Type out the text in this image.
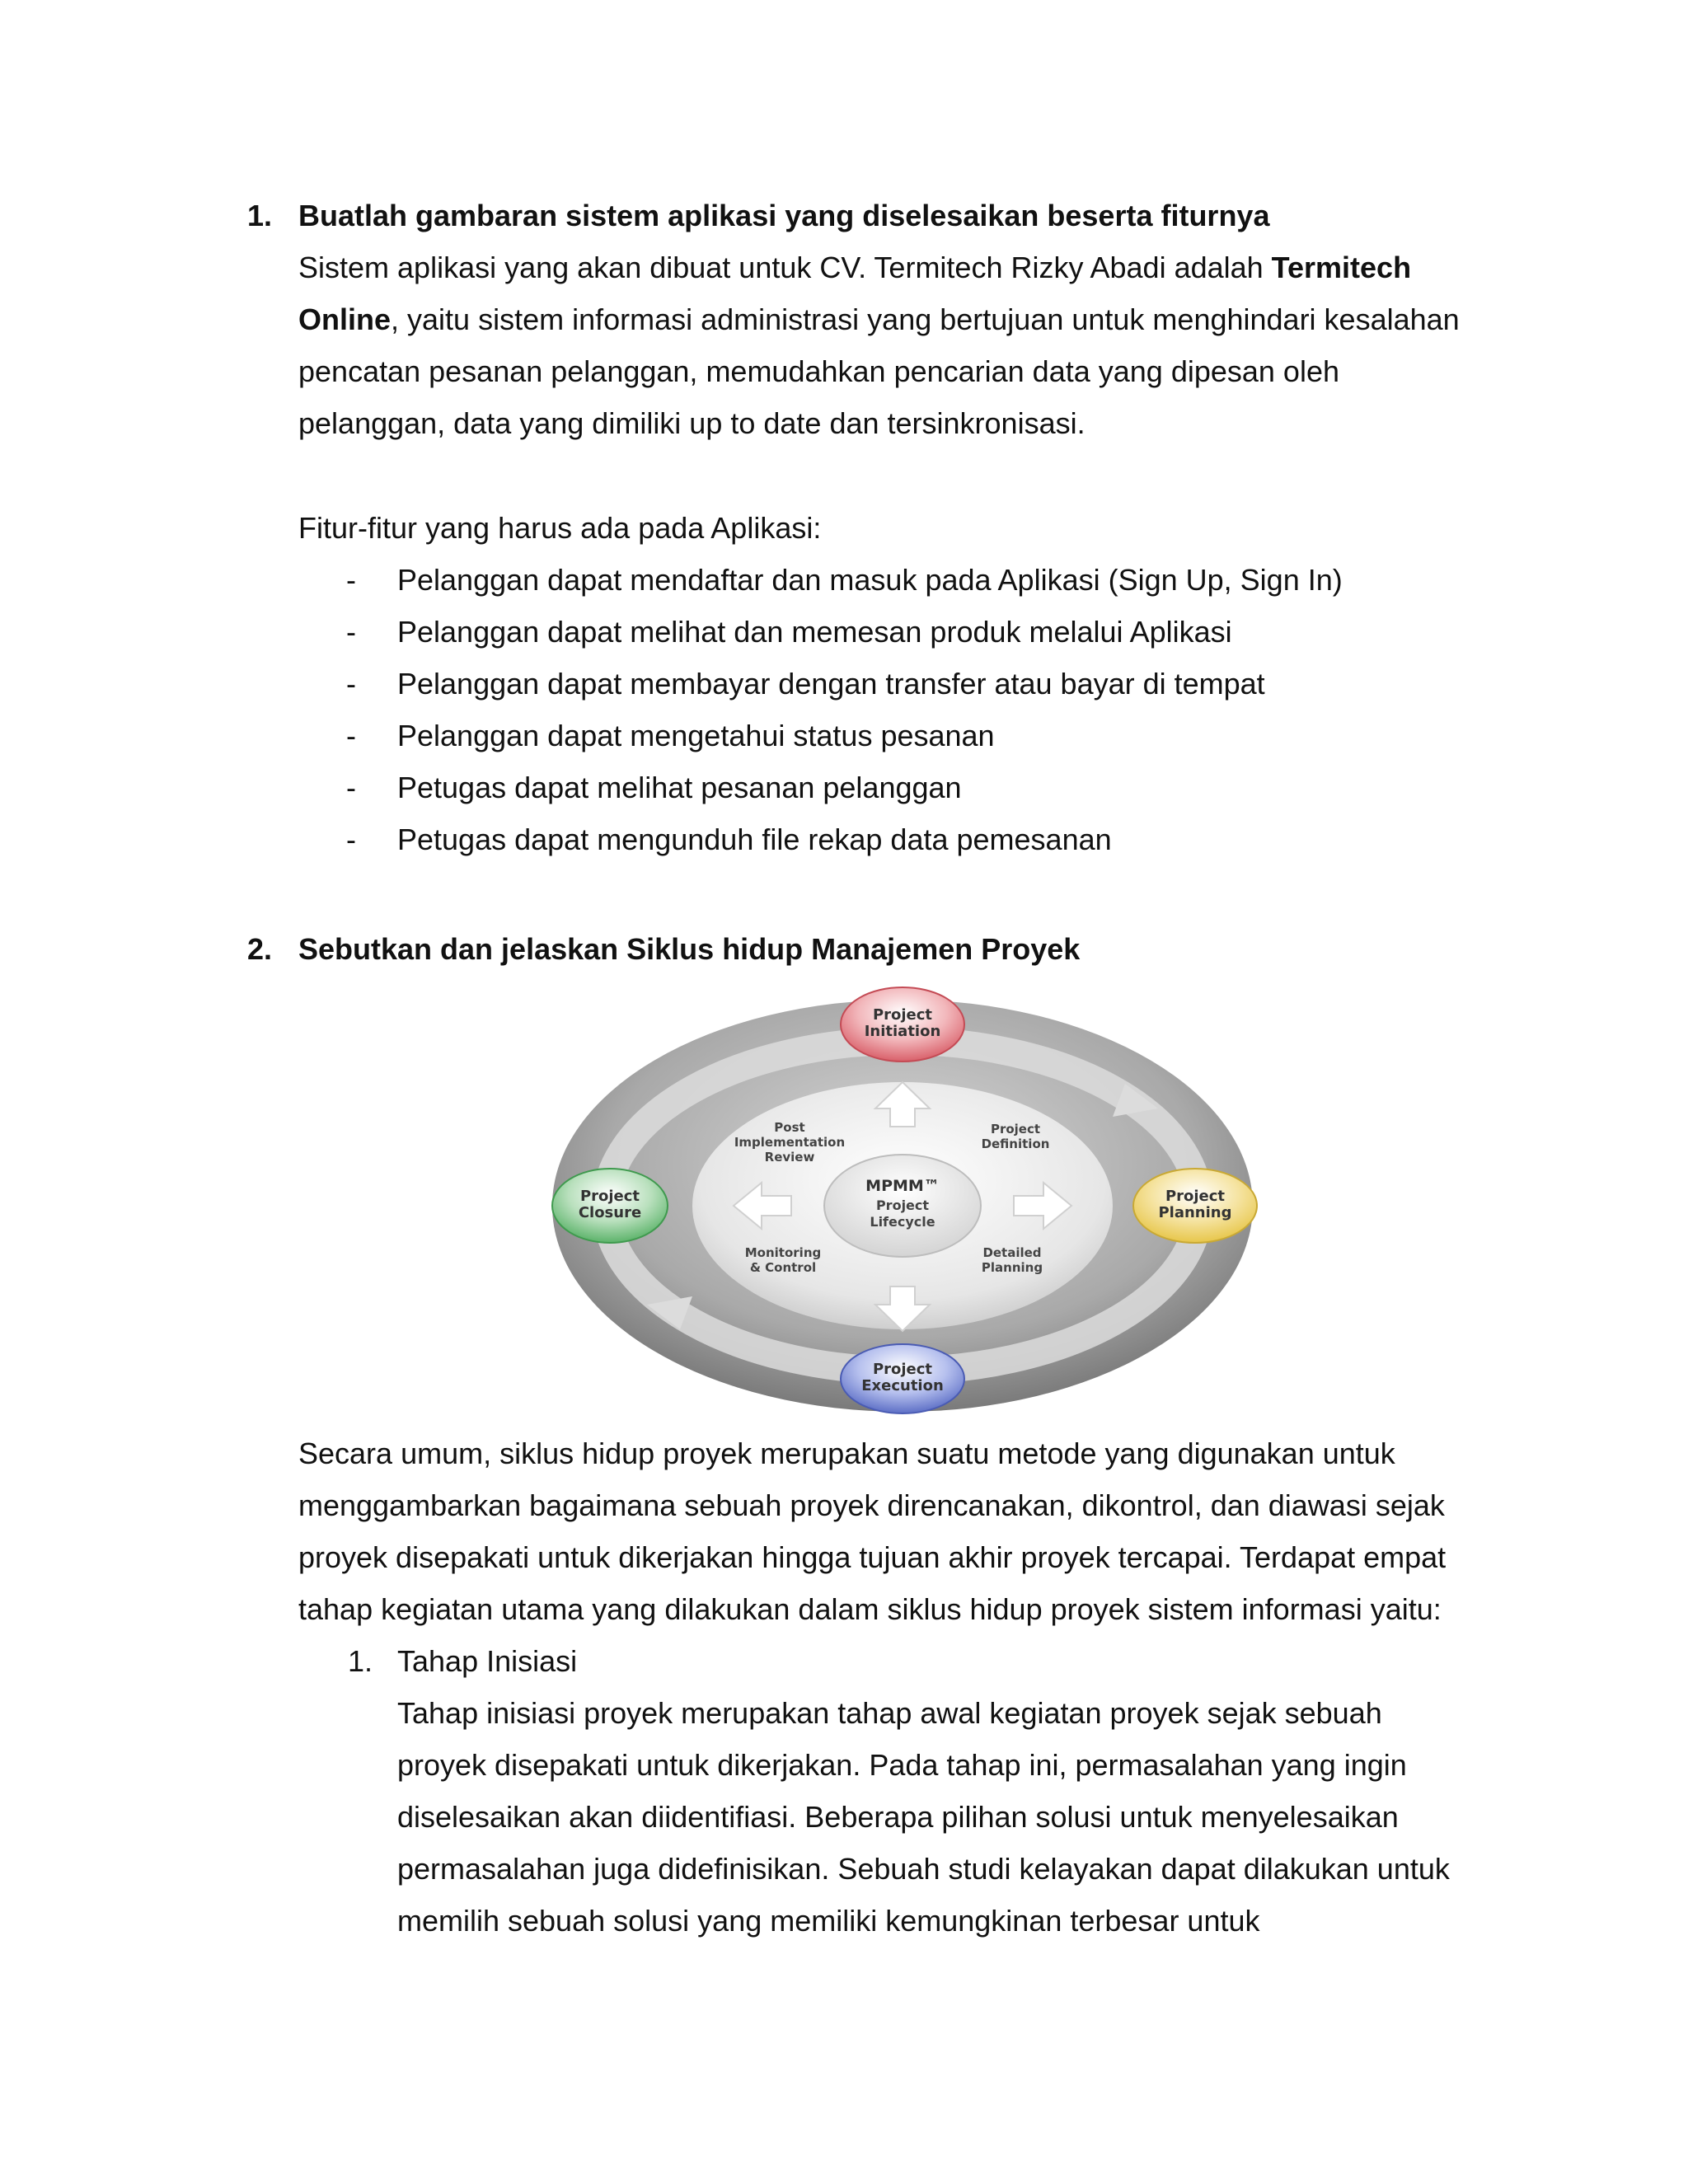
1. Buatlah gambaran sistem aplikasi yang diselesaikan beserta fiturnya
Sistem aplikasi yang akan dibuat untuk CV. Termitech Rizky Abadi adalah Termitech
Online, yaitu sistem informasi administrasi yang bertujuan untuk menghindari kesalahan
pencatan pesanan pelanggan, memudahkan pencarian data yang dipesan oleh
pelanggan, data yang dimiliki up to date dan tersinkronisasi.
Fitur-fitur yang harus ada pada Aplikasi:
- Pelanggan dapat mendaftar dan masuk pada Aplikasi (Sign Up, Sign In)
- Pelanggan dapat melihat dan memesan produk melalui Aplikasi
- Pelanggan dapat membayar dengan transfer atau bayar di tempat
- Pelanggan dapat mengetahui status pesanan
- Petugas dapat melihat pesanan pelanggan
- Petugas dapat mengunduh file rekap data pemesanan
2. Sebutkan dan jelaskan Siklus hidup Manajemen Proyek
MPMM™
Project
Lifecycle
Post
Implementation
Review
Project
Definition
Monitoring
& Control
Detailed
Planning
Project
Initiation
Project
Planning
Project
Execution
Project
Closure
Secara umum, siklus hidup proyek merupakan suatu metode yang digunakan untuk
menggambarkan bagaimana sebuah proyek direncanakan, dikontrol, dan diawasi sejak
proyek disepakati untuk dikerjakan hingga tujuan akhir proyek tercapai. Terdapat empat
tahap kegiatan utama yang dilakukan dalam siklus hidup proyek sistem informasi yaitu:
1. Tahap Inisiasi
Tahap inisiasi proyek merupakan tahap awal kegiatan proyek sejak sebuah
proyek disepakati untuk dikerjakan. Pada tahap ini, permasalahan yang ingin
diselesaikan akan diidentifiasi. Beberapa pilihan solusi untuk menyelesaikan
permasalahan juga didefinisikan. Sebuah studi kelayakan dapat dilakukan untuk
memilih sebuah solusi yang memiliki kemungkinan terbesar untuk
